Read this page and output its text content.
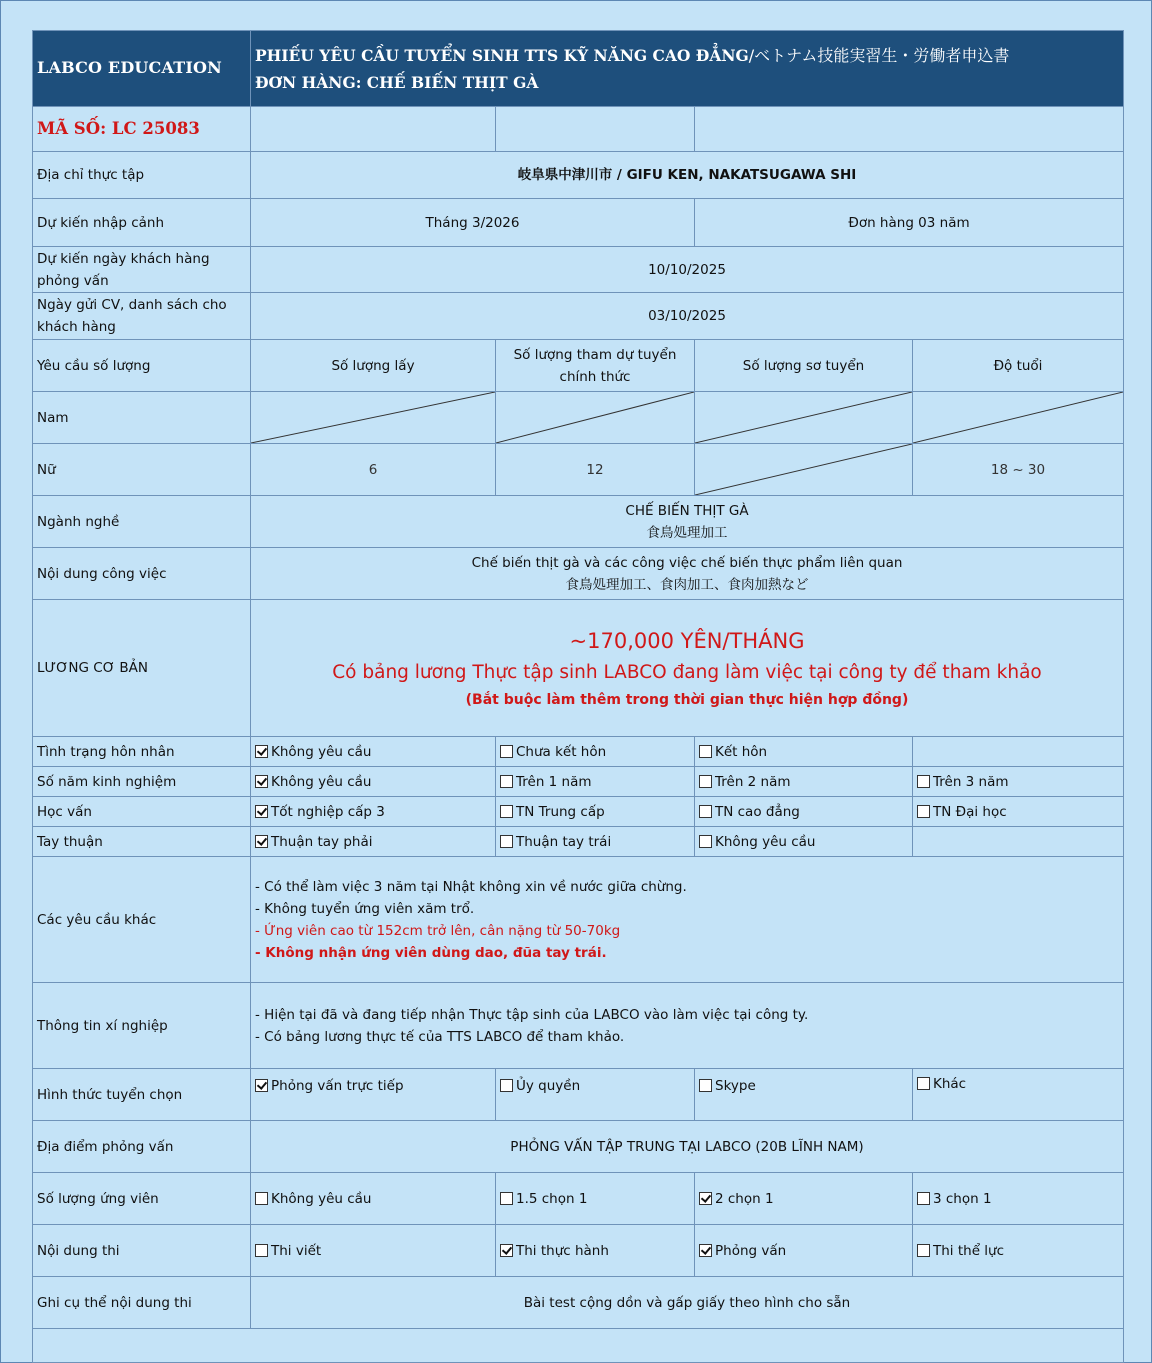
LABCO EDUCATION	PHIẾU YÊU CẦU TUYỂN SINH TTS KỸ NĂNG CAO ĐẲNG/ベトナム技能実習生・労働者申込書
ĐƠN HÀNG: CHẾ BIẾN THỊT GÀ			

MÃ SỐ: LC 25083				
Địa chỉ thực tập	岐阜県中津川市 / GIFU KEN, NAKATSUGAWA SHI			
Dự kiến nhập cảnh	Tháng 3/2026		Đơn hàng 03 năm	
Dự kiến ngày khách hàng phỏng vấn	10/10/2025			
Ngày gửi CV, danh sách cho khách hàng	03/10/2025			
Yêu cầu số lượng	Số lượng lấy	Số lượng tham dự tuyển chính thức	Số lượng sơ tuyển	Độ tuổi
Nam	

Nữ	6	12		18 ~ 30
Ngành nghề	CHẾ BIẾN THỊT GÀ
食鳥処理加工			

Nội dung công việc	Chế biến thịt gà và các công việc chế biến thực phẩm liên quan
食鳥処理加工、食肉加工、食肉加熱など			

LƯƠNG CƠ BẢN	~170,000 YÊN/THÁNG
Có bảng lương Thực tập sinh LABCO đang làm việc tại công ty để tham khảo
(Bắt buộc làm thêm trong thời gian thực hiện hợp đồng)			

Tình trạng hôn nhân	Không yêu cầu	Chưa kết hôn	Kết hôn	
Số năm kinh nghiệm	Không yêu cầu	Trên 1 năm	Trên 2 năm	Trên 3 năm
Học vấn	Tốt nghiệp cấp 3	TN Trung cấp	TN cao đẳng	TN Đại học
Tay thuận	Thuận tay phải	Thuận tay trái	Không yêu cầu	
Các yêu cầu khác	- Có thể làm việc 3 năm tại Nhật không xin về nước giữa chừng.
- Không tuyển ứng viên xăm trổ.
- Ứng viên cao từ 152cm trở lên, cân nặng từ 50-70kg
- Không nhận ứng viên dùng dao, đũa tay trái.			

Thông tin xí nghiệp	- Hiện tại đã và đang tiếp nhận Thực tập sinh của LABCO vào làm việc tại công ty.
- Có bảng lương thực tế của TTS LABCO để tham khảo.			

Hình thức tuyển chọn	Phỏng vấn trực tiếp	Ủy quyền	Skype	Khác
Địa điểm phỏng vấn	PHỎNG VẤN TẬP TRUNG TẠI LABCO (20B LĨNH NAM)			
Số lượng ứng viên	Không yêu cầu	1.5 chọn 1	2 chọn 1	3 chọn 1
Nội dung thi	Thi viết	Thi thực hành	Phỏng vấn	Thi thể lực
Ghi cụ thể nội dung thi	Bài test cộng dồn và gấp giấy theo hình cho sẵn			
